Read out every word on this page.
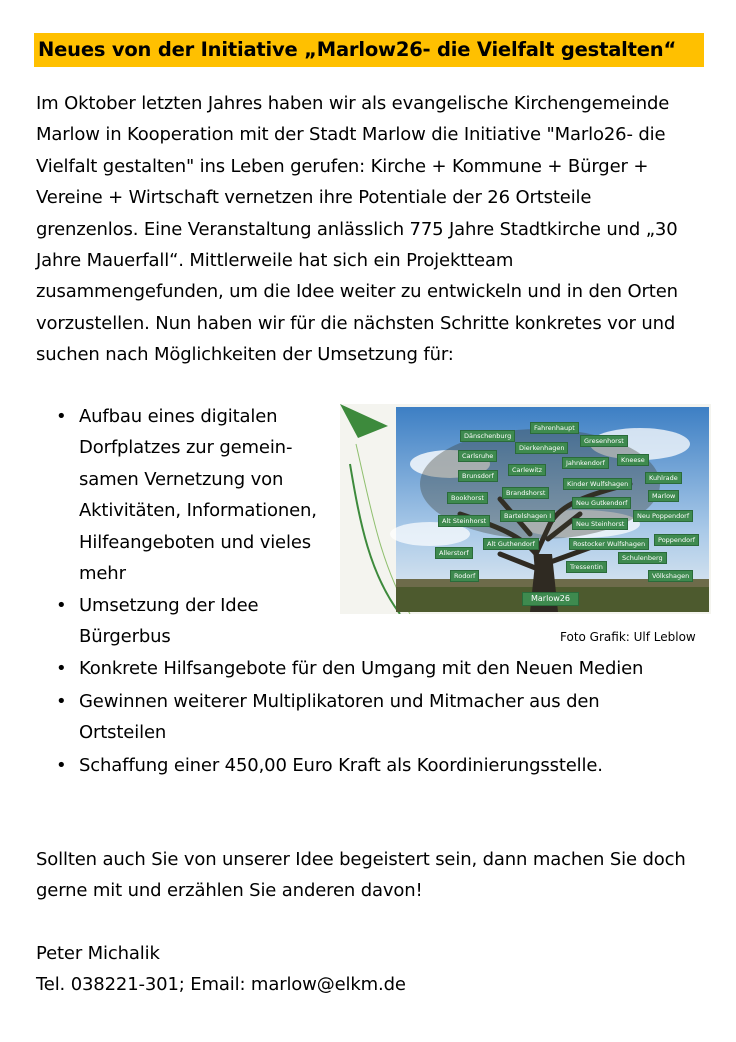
Neues von der Initiative „Marlow26- die Vielfalt gestalten“
Im Oktober letzten Jahres haben wir als evangelische Kirchengemeinde
Marlow in Kooperation mit der Stadt Marlow die Initiative "Marlo26- die
Vielfalt gestalten" ins Leben gerufen: Kirche + Kommune + Bürger +
Vereine + Wirtschaft vernetzen ihre Potentiale der 26 Ortsteile
grenzenlos. Eine Veranstaltung anlässlich 775 Jahre Stadtkirche und „30
Jahre Mauerfall“. Mittlerweile hat sich ein Projektteam
zusammengefunden, um die Idee weiter zu entwickeln und in den Orten
vorzustellen. Nun haben wir für die nächsten Schritte konkretes vor und
suchen nach Möglichkeiten der Umsetzung für:
• Aufbau eines digitalen
Dorfplatzes zur gemein-
samen Vernetzung von
Aktivitäten, Informationen,
Hilfeangeboten und vieles
mehr
• Umsetzung der Idee
Bürgerbus
• Konkrete Hilfsangebote für den Umgang mit den Neuen Medien
• Gewinnen weiterer Multiplikatoren und Mitmacher aus den
Ortsteilen
• Schaffung einer 450,00 Euro Kraft als Koordinierungsstelle.
Fahrenhaupt
Dänschenburg
Gresenhorst
Dierkenhagen
Carlsruhe
Jahnkendorf	Kneese
Carlewitz
Brunsdorf	Kuhlrade
Kinder Wulfshagen
Brandshorst
Bookhorst	Marlow
Neu Gutkendorf
Neu Poppendorf
Alt Steinhorst
Bartelshagen I
Neu Steinhorst
Poppendorf
Alt Guthendorf	Rostocker Wulfshagen
Allerstorf
Schulenberg
Tressentin
Rodorf	Völkshagen
Marlow26
Foto Grafik: Ulf Leblow
Sollten auch Sie von unserer Idee begeistert sein, dann machen Sie doch
gerne mit und erzählen Sie anderen davon!
Peter Michalik
Tel. 038221-301; Email: marlow@elkm.de
